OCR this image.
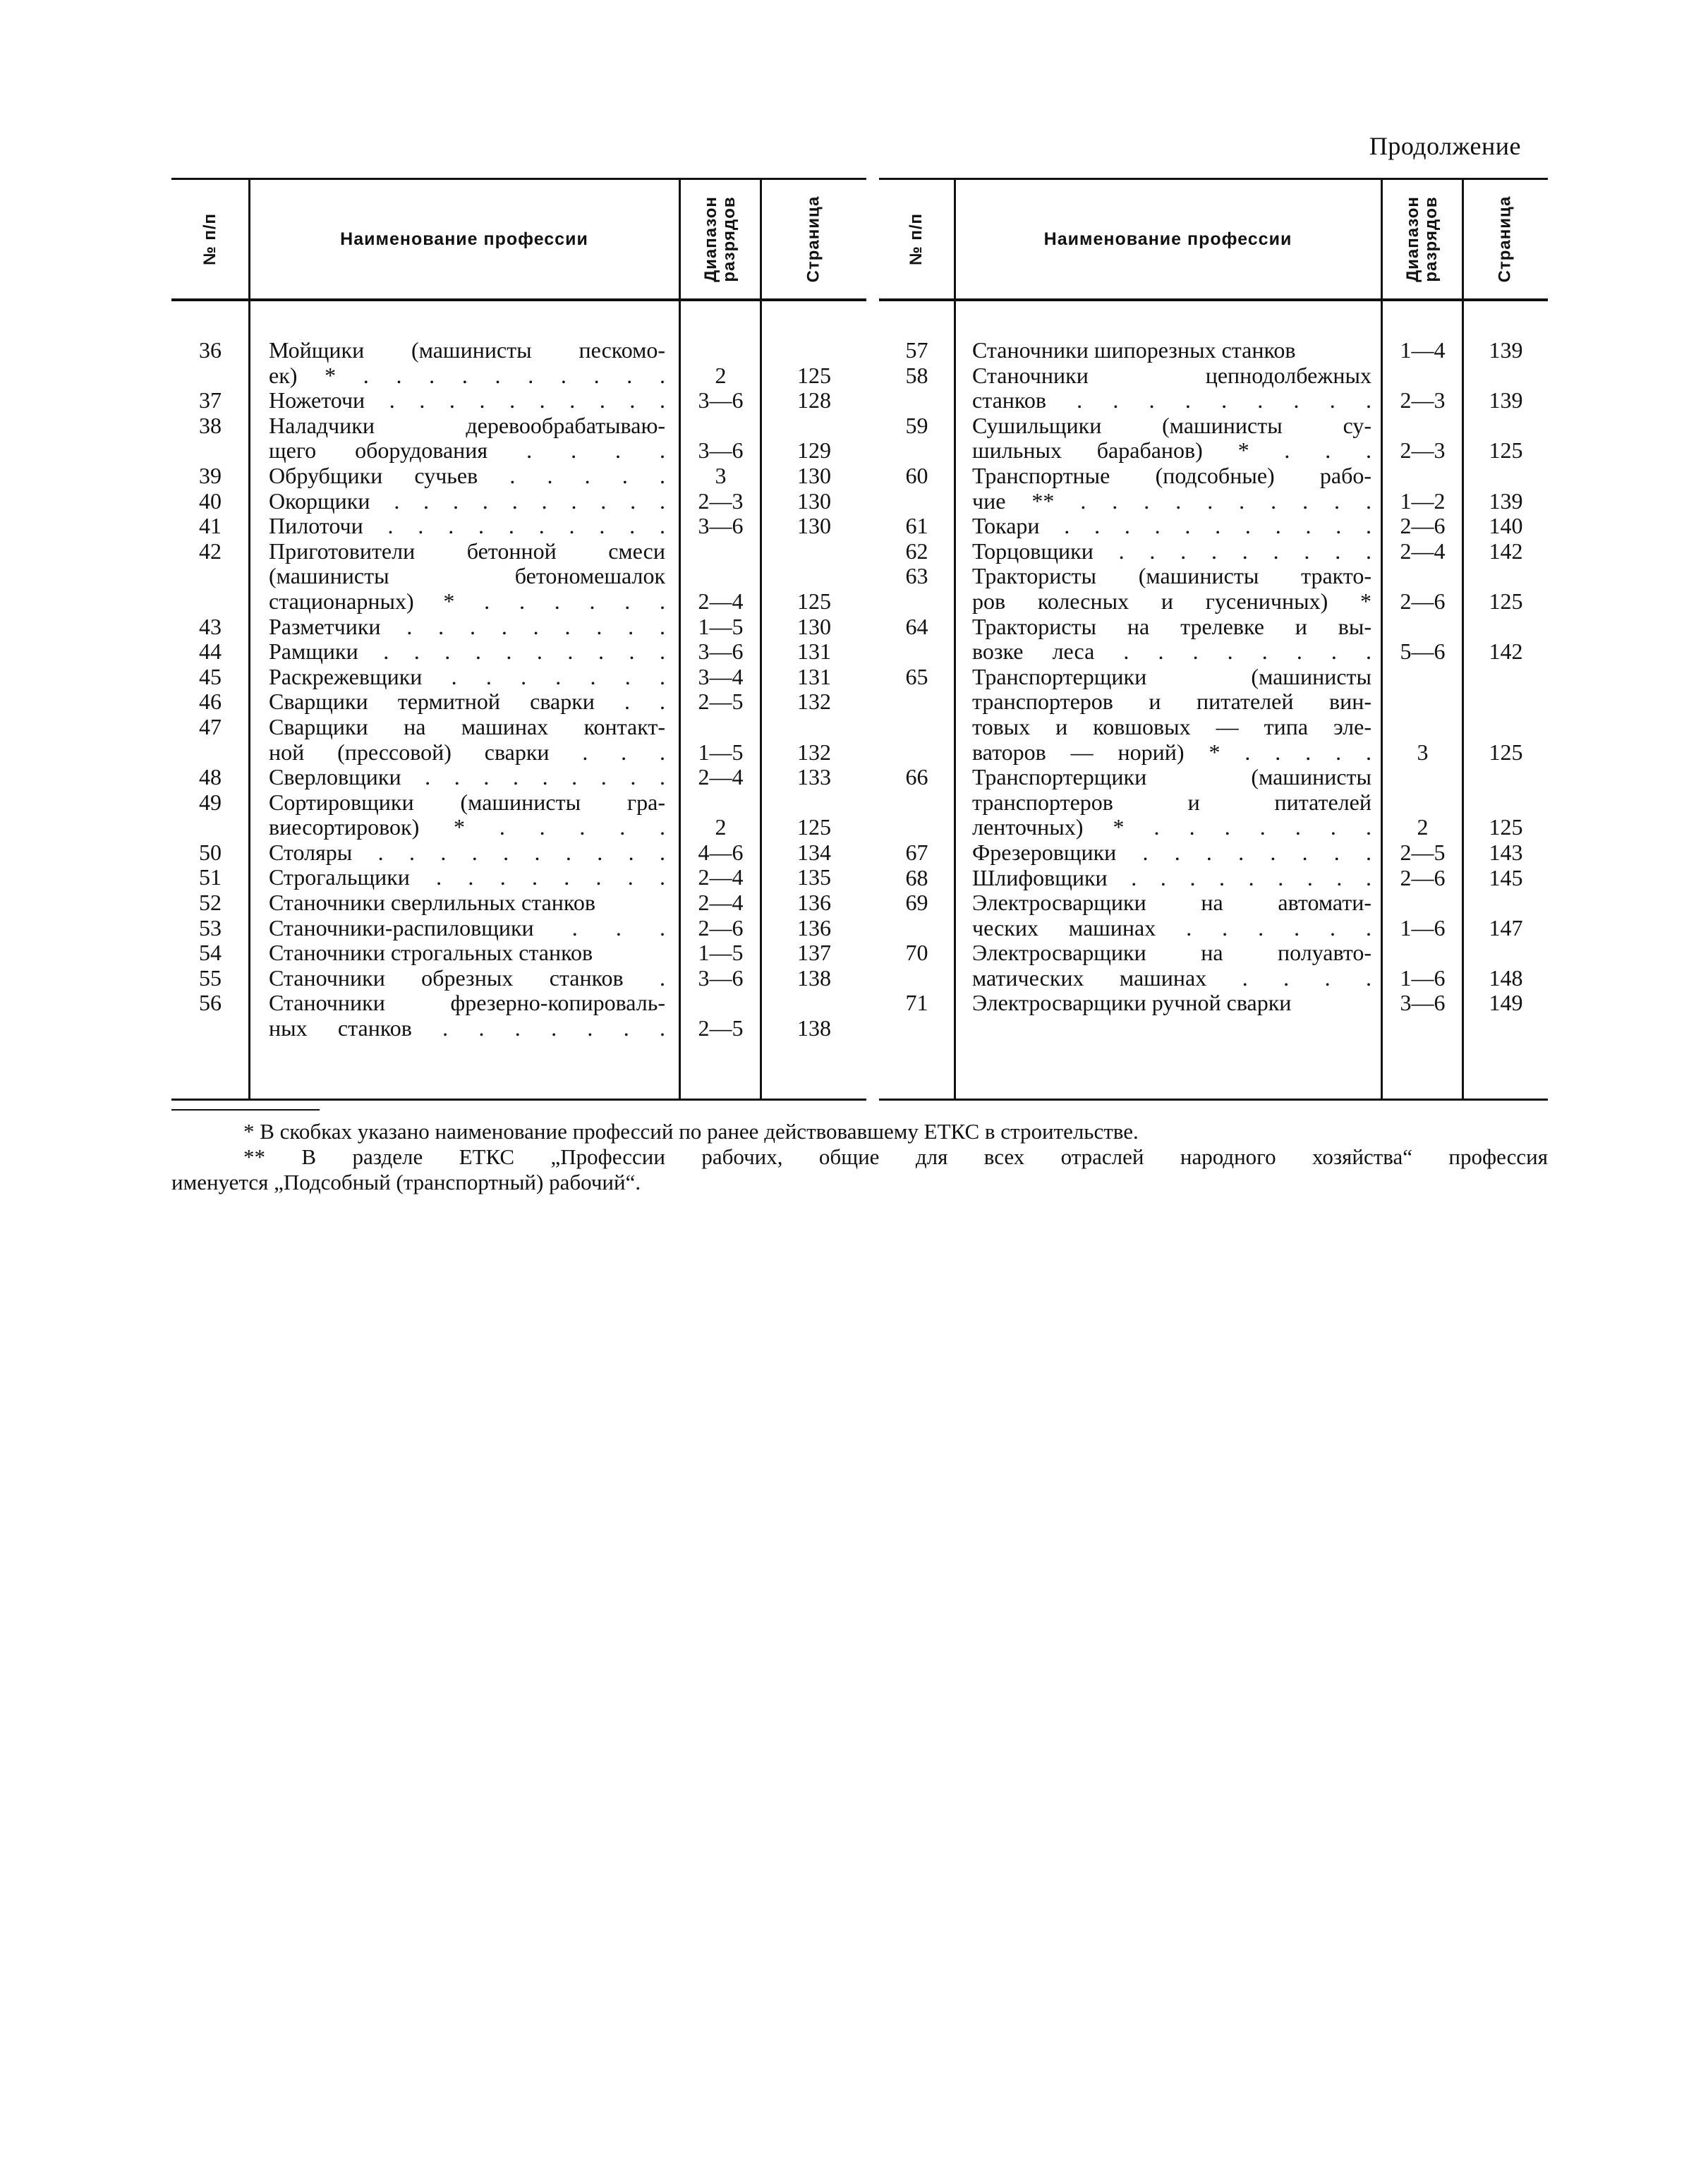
Продолжение
№ п/п	Наименование профессии	Диапазон
разрядов	Страница
36	Мойщики (машинисты пескомо-
ек) * . . . . . . . . . .	2	125
37	Ножеточи . . . . . . . . . .	3—6	128
38	Наладчики деревообрабатываю-
щего оборудования . . . .	3—6	129
39	Обрубщики сучьев . . . . .	3	130
40	Окорщики . . . . . . . . . .	2—3	130
41	Пилоточи . . . . . . . . . .	3—6	130
42	Приготовители бетонной смеси
(машинисты бетономешалок
стационарных) * . . . . . .	2—4	125
43	Разметчики . . . . . . . . .	1—5	130
44	Рамщики . . . . . . . . . .	3—6	131
45	Раскрежевщики . . . . . . .	3—4	131
46	Сварщики термитной сварки . .	2—5	132
47	Сварщики на машинах контакт-
ной (прессовой) сварки . . .	1—5	132
48	Сверловщики . . . . . . . . .	2—4	133
49	Сортировщики (машинисты гра-
виесортировок) * . . . . .	2	125
50	Столяры . . . . . . . . . .	4—6	134
51	Строгальщики . . . . . . . .	2—4	135
52	Станочники сверлильных станков	2—4	136
53	Станочники-распиловщики . . .	2—6	136
54	Станочники строгальных станков	1—5	137
55	Станочники обрезных станков .	3—6	138
56	Станочники фрезерно-копироваль-
ных станков . . . . . . .	2—5	138
№ п/п	Наименование профессии	Диапазон
разрядов	Страница
57	Станочники шипорезных станков	1—4	139
58	Станочники цепнодолбежных
станков . . . . . . . . .	2—3	139
59	Сушильщики (машинисты су-
шильных барабанов) * . . .	2—3	125
60	Транспортные (подсобные) рабо-
чие ** . . . . . . . . . .	1—2	139
61	Токари . . . . . . . . . . .	2—6	140
62	Торцовщики . . . . . . . . .	2—4	142
63	Трактористы (машинисты тракто-
ров колесных и гусеничных) *	2—6	125
64	Трактористы на трелевке и вы-
возке леса . . . . . . . .	5—6	142
65	Транспортерщики (машинисты
транспортеров и питателей вин-
товых и ковшовых — типа эле-
ваторов — норий) * . . . . .	3	125
66	Транспортерщики (машинисты
транспортеров и питателей
ленточных) * . . . . . . .	2	125
67	Фрезеровщики . . . . . . . .	2—5	143
68	Шлифовщики . . . . . . . . .	2—6	145
69	Электросварщики на автомати-
ческих машинах . . . . . .	1—6	147
70	Электросварщики на полуавто-
матических машинах . . . .	1—6	148
71	Электросварщики ручной сварки	3—6	149
* В скобках указано наименование профессий по ранее действовавшему ЕТКС в строительстве.
** В разделе ЕТКС „Профессии рабочих, общие для всех отраслей народного хозяйства“ профессия
именуется „Подсобный (транспортный) рабочий“.
